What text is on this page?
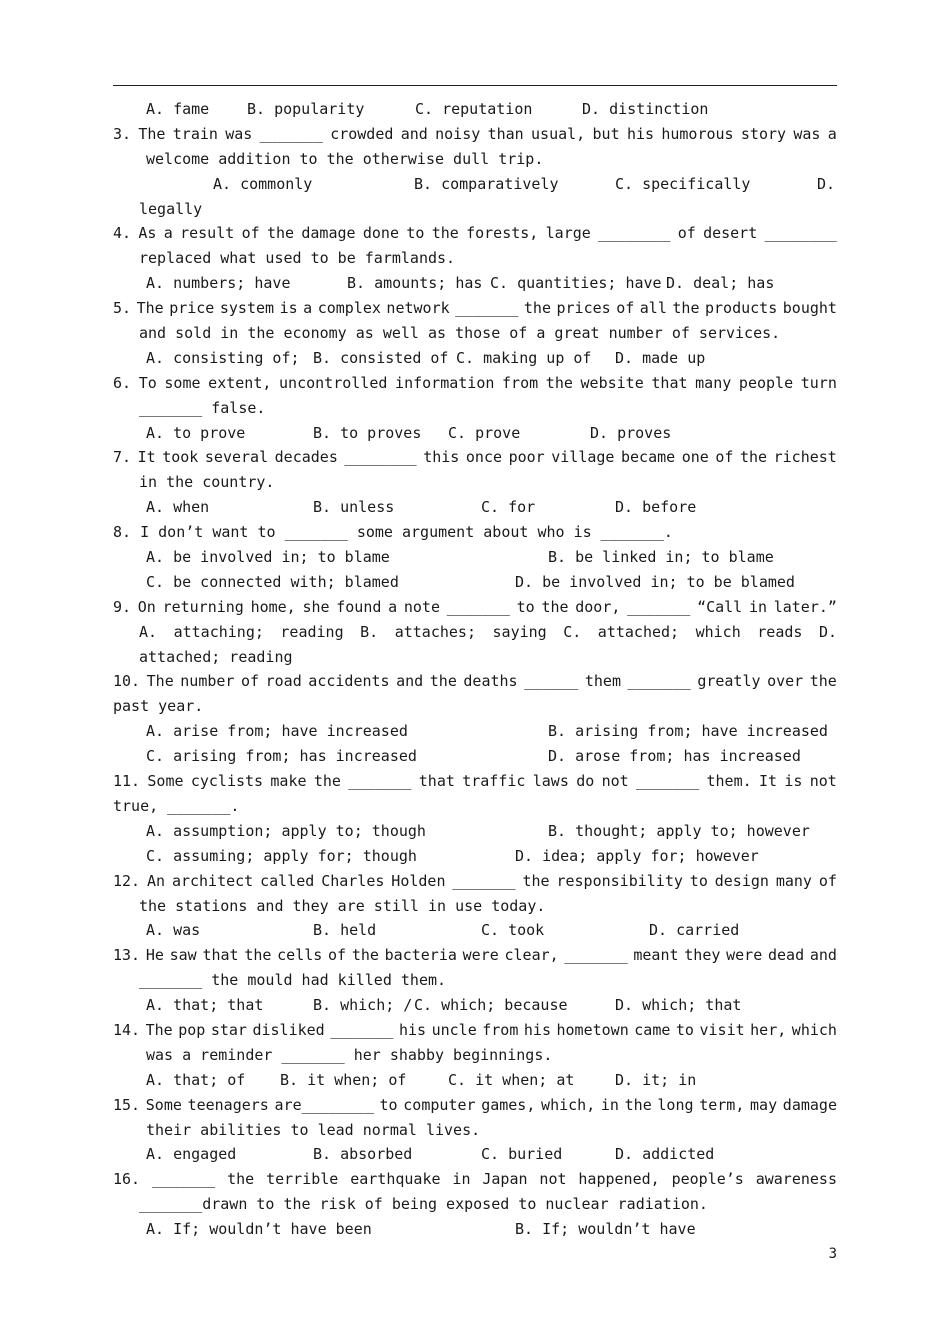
A. fame	B. popularity	C. reputation	D. distinction
3. The train was _______ crowded and noisy than usual, but his humorous story was a
welcome addition to the otherwise dull trip.
A. commonly	B. comparatively	C. specifically	D.
legally
4. As a result of the damage done to the forests, large ________ of desert ________
replaced what used to be farmlands.
A. numbers; have	B. amounts; has C. quantities; have D. deal; has
5. The price system is a complex network _______ the prices of all the products bought
and sold in the economy as well as those of a great number of services.
A. consisting of; B. consisted of C. making up of D. made up
6. To some extent, uncontrolled information from the website that many people turn
_______ false.
A. to prove	B. to proves C. prove	D. proves
7. It took several decades ________ this once poor village became one of the richest
in the country.
A. when	B. unless	C. for	D. before
8. I don’t want to _______ some argument about who is _______.
A. be involved in; to blame	B. be linked in; to blame
C. be connected with; blamed	D. be involved in; to be blamed
9. On returning home, she found a note _______ to the door, _______ “Call in later.”
A. attaching; reading B. attaches; saying C. attached; which reads D.
attached; reading
10. The number of road accidents and the deaths ______ them _______ greatly over the
past year.
A. arise from; have increased	B. arising from; have increased
C. arising from; has increased	D. arose from; has increased
11. Some cyclists make the _______ that traffic laws do not _______ them. It is not
true, _______.
A. assumption; apply to; though	B. thought; apply to; however
C. assuming; apply for; though	D. idea; apply for; however
12. An architect called Charles Holden _______ the responsibility to design many of
the stations and they are still in use today.
A. was	B. held	C. took	D. carried
13. He saw that the cells of the bacteria were clear, _______ meant they were dead and
_______ the mould had killed them.
A. that; that	B. which; / C. which; because	D. which; that
14. The pop star disliked _______ his uncle from his hometown came to visit her, which
was a reminder _______ her shabby beginnings.
A. that; of B. it when; of	C. it when; at	D. it; in
15. Some teenagers are________ to computer games, which, in the long term, may damage
their abilities to lead normal lives.
A. engaged	B. absorbed	C. buried	D. addicted
16. _______ the terrible earthquake in Japan not happened, people’s awareness
_______drawn to the risk of being exposed to nuclear radiation.
A. If; wouldn’t have been	B. If; wouldn’t have
3
